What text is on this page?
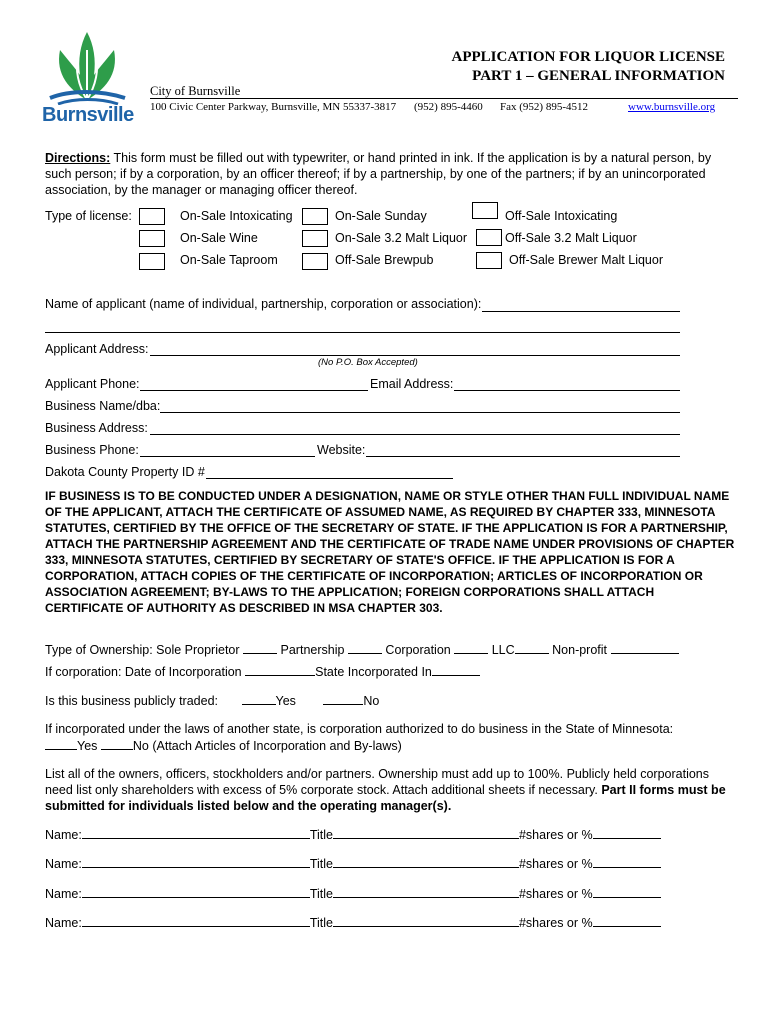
Burnsville
APPLICATION FOR LIQUOR LICENSE
PART 1 – GENERAL INFORMATION
City of Burnsville
100 Civic Center Parkway, Burnsville, MN 55337-3817 (952) 895-4460 Fax (952) 895-4512	www.burnsville.org
Directions: This form must be filled out with typewriter, or hand printed in ink. If the application is by a natural person, by such person; if by a corporation, by an officer thereof; if by a partnership, by one of the partners; if by an unincorporated association, by the manager or managing officer thereof.
Type of license:	On-Sale Intoxicating	On-Sale Sunday	Off-Sale Intoxicating
On-Sale Wine	On-Sale 3.2 Malt Liquor	Off-Sale 3.2 Malt Liquor
On-Sale Taproom	Off-Sale Brewpub	Off-Sale Brewer Malt Liquor
Name of applicant (name of individual, partnership, corporation or association):
Applicant Address:
(No P.O. Box Accepted)
Applicant Phone:	Email Address:
Business Name/dba:
Business Address:
Business Phone:	Website:
Dakota County Property ID #
IF BUSINESS IS TO BE CONDUCTED UNDER A DESIGNATION, NAME OR STYLE OTHER THAN FULL INDIVIDUAL NAME OF THE APPLICANT, ATTACH THE CERTIFICATE OF ASSUMED NAME, AS REQUIRED BY CHAPTER 333, MINNESOTA STATUTES, CERTIFIED BY THE OFFICE OF THE SECRETARY OF STATE. IF THE APPLICATION IS FOR A PARTNERSHIP, ATTACH THE PARTNERSHIP AGREEMENT AND THE CERTIFICATE OF TRADE NAME UNDER PROVISIONS OF CHAPTER 333, MINNESOTA STATUTES, CERTIFIED BY SECRETARY OF STATE'S OFFICE. IF THE APPLICATION IS FOR A CORPORATION, ATTACH COPIES OF THE CERTIFICATE OF INCORPORATION; ARTICLES OF INCORPORATION OR ASSOCIATION AGREEMENT; BY-LAWS TO THE APPLICATION; FOREIGN CORPORATIONS SHALL ATTACH CERTIFICATE OF AUTHORITY AS DESCRIBED IN MSA CHAPTER 303.
Type of Ownership: Sole Proprietor	Partnership	Corporation	LLC	Non-profit
If corporation: Date of Incorporation	State Incorporated In
Is this business publicly traded:	Yes	No
If incorporated under the laws of another state, is corporation authorized to do business in the State of Minnesota:
Yes	No (Attach Articles of Incorporation and By-laws)
List all of the owners, officers, stockholders and/or partners. Ownership must add up to 100%. Publicly held corporations need list only shareholders with excess of 5% corporate stock. Attach additional sheets if necessary. Part II forms must be submitted for individuals listed below and the operating manager(s).
Name:	Title	#shares or %
Name:	Title	#shares or %
Name:	Title	#shares or %
Name:	Title	#shares or %
